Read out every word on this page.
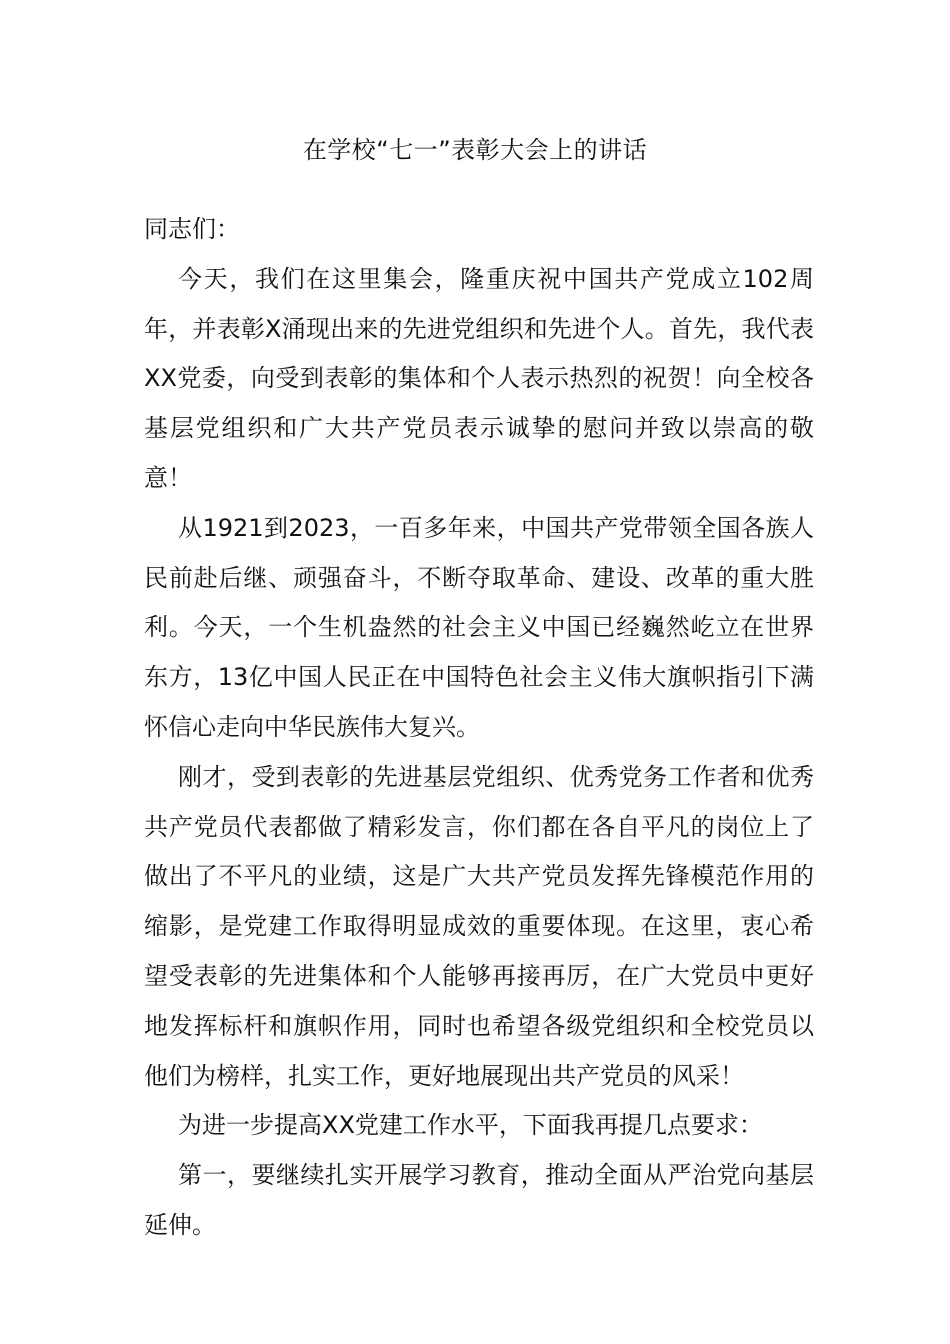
在学校“七一”表彰大会上的讲话

同志们：

今天，我们在这里集会，隆重庆祝中国共产党成立102周年，并表彰X涌现出来的先进党组织和先进个人。首先，我代表XX党委，向受到表彰的集体和个人表示热烈的祝贺！向全校各基层党组织和广大共产党员表示诚挚的慰问并致以崇高的敬意！

从1921到2023，一百多年来，中国共产党带领全国各族人民前赴后继、顽强奋斗，不断夺取革命、建设、改革的重大胜利。今天，一个生机盎然的社会主义中国已经巍然屹立在世界东方，13亿中国人民正在中国特色社会主义伟大旗帜指引下满怀信心走向中华民族伟大复兴。

刚才，受到表彰的先进基层党组织、优秀党务工作者和优秀共产党员代表都做了精彩发言，你们都在各自平凡的岗位上了做出了不平凡的业绩，这是广大共产党员发挥先锋模范作用的缩影，是党建工作取得明显成效的重要体现。在这里，衷心希望受表彰的先进集体和个人能够再接再厉，在广大党员中更好地发挥标杆和旗帜作用，同时也希望各级党组织和全校党员以他们为榜样，扎实工作，更好地展现出共产党员的风采！

为进一步提高XX党建工作水平，下面我再提几点要求：

第一，要继续扎实开展学习教育，推动全面从严治党向基层延伸。
